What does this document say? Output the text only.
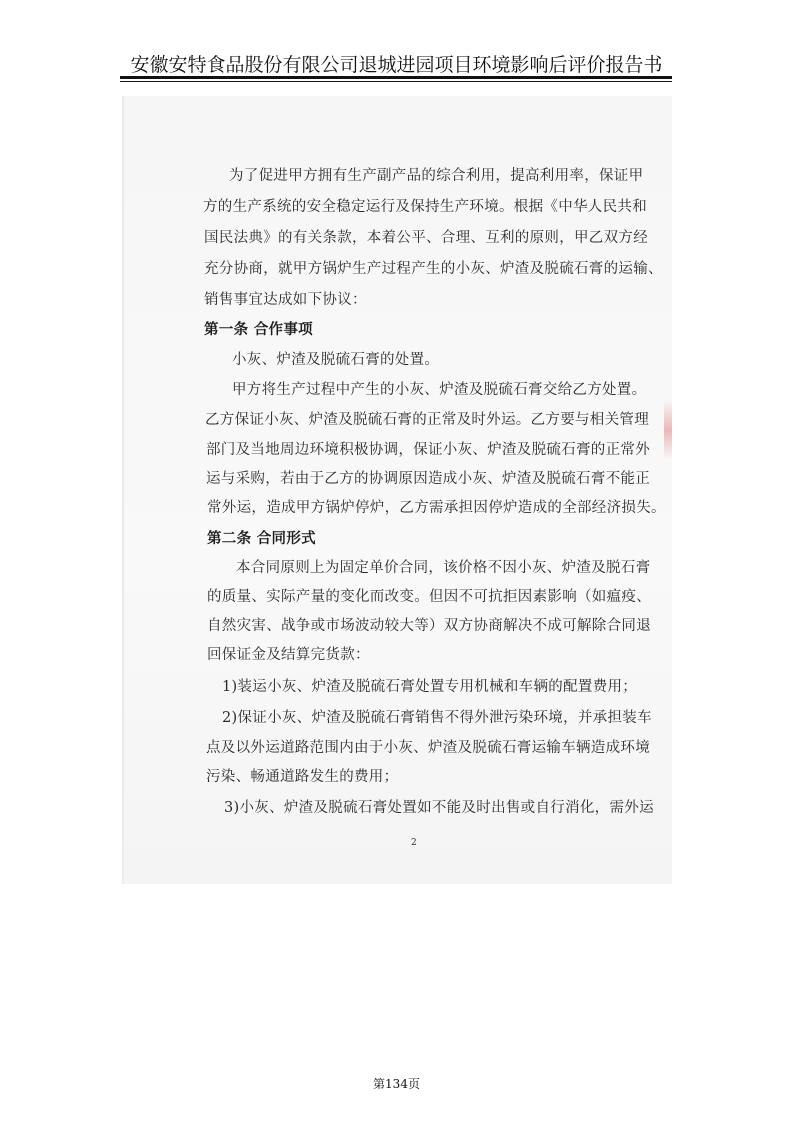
安徽安特食品股份有限公司退城进园项目环境影响后评价报告书
为了促进甲方拥有生产副产品的综合利用，提高利用率，保证甲
方的生产系统的安全稳定运行及保持生产环境。根据《中华人民共和
国民法典》的有关条款，本着公平、合理、互利的原则，甲乙双方经
充分协商，就甲方锅炉生产过程产生的小灰、炉渣及脱硫石膏的运输、
销售事宜达成如下协议：
第一条 合作事项
小灰、炉渣及脱硫石膏的处置。
甲方将生产过程中产生的小灰、炉渣及脱硫石膏交给乙方处置。
乙方保证小灰、炉渣及脱硫石膏的正常及时外运。乙方要与相关管理
部门及当地周边环境积极协调，保证小灰、炉渣及脱硫石膏的正常外
运与采购，若由于乙方的协调原因造成小灰、炉渣及脱硫石膏不能正
常外运，造成甲方锅炉停炉，乙方需承担因停炉造成的全部经济损失。
第二条 合同形式
本合同原则上为固定单价合同，该价格不因小灰、炉渣及脱石膏
的质量、实际产量的变化而改变。但因不可抗拒因素影响（如瘟疫、
自然灾害、战争或市场波动较大等）双方协商解决不成可解除合同退
回保证金及结算完货款：
1)装运小灰、炉渣及脱硫石膏处置专用机械和车辆的配置费用；
2)保证小灰、炉渣及脱硫石膏销售不得外泄污染环境，并承担装车
点及以外运道路范围内由于小灰、炉渣及脱硫石膏运输车辆造成环境
污染、畅通道路发生的费用；
3)小灰、炉渣及脱硫石膏处置如不能及时出售或自行消化，需外运
2
第134页
